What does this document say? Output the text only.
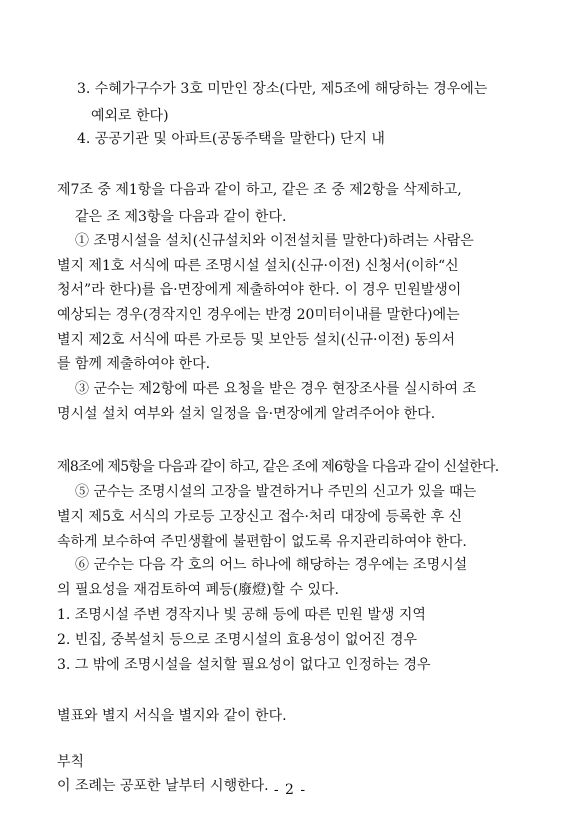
3. 수혜가구수가 3호 미만인 장소(다만, 제5조에 해당하는 경우에는
예외로 한다)
4. 공공기관 및 아파트(공동주택을 말한다) 단지 내
제7조 중 제1항을 다음과 같이 하고, 같은 조 중 제2항을 삭제하고,
같은 조 제3항을 다음과 같이 한다.
① 조명시설을 설치(신규설치와 이전설치를 말한다)하려는 사람은
별지 제1호 서식에 따른 조명시설 설치(신규·이전) 신청서(이하“신
청서”라 한다)를 읍·면장에게 제출하여야 한다. 이 경우 민원발생이
예상되는 경우(경작지인 경우에는 반경 20미터이내를 말한다)에는
별지 제2호 서식에 따른 가로등 및 보안등 설치(신규·이전) 동의서
를 함께 제출하여야 한다.
③ 군수는 제2항에 따른 요청을 받은 경우 현장조사를 실시하여 조
명시설 설치 여부와 설치 일정을 읍·면장에게 알려주어야 한다.
제8조에 제5항을 다음과 같이 하고, 같은 조에 제6항을 다음과 같이 신설한다.
⑤ 군수는 조명시설의 고장을 발견하거나 주민의 신고가 있을 때는
별지 제5호 서식의 가로등 고장신고 접수·처리 대장에 등록한 후 신
속하게 보수하여 주민생활에 불편함이 없도록 유지관리하여야 한다.
⑥ 군수는 다음 각 호의 어느 하나에 해당하는 경우에는 조명시설
의 필요성을 재검토하여 폐등(廢燈)할 수 있다.
1. 조명시설 주변 경작지나 빛 공해 등에 따른 민원 발생 지역
2. 빈집, 중복설치 등으로 조명시설의 효용성이 없어진 경우
3. 그 밖에 조명시설을 설치할 필요성이 없다고 인정하는 경우
별표와 별지 서식을 별지와 같이 한다.
부칙
이 조례는 공포한 날부터 시행한다. - 2 -
